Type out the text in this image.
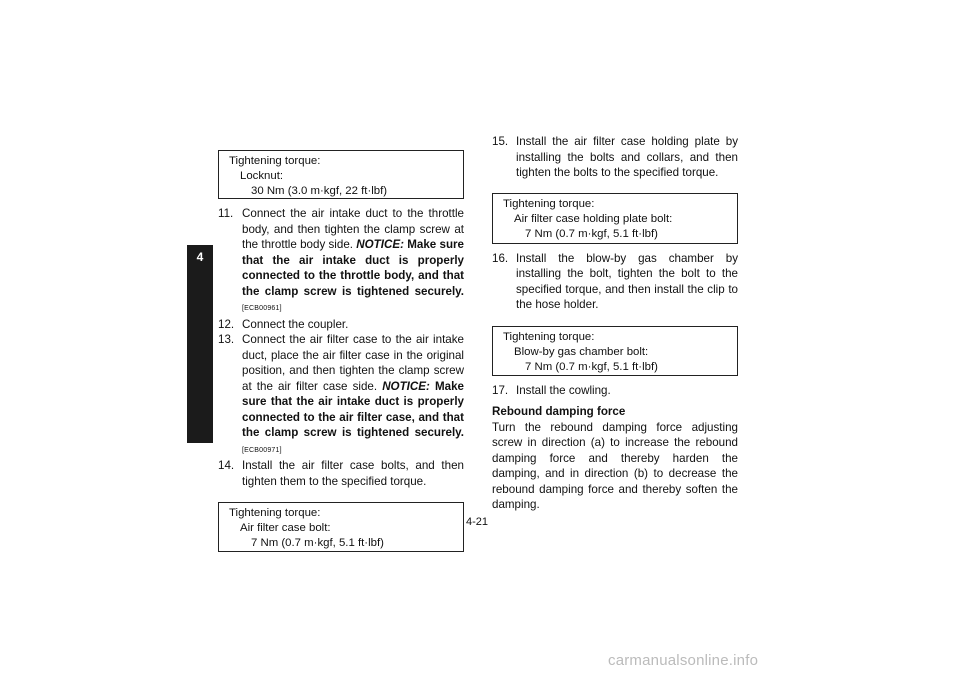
4
Tightening torque:
Locknut:
30 Nm (3.0 m·kgf, 22 ft·lbf)
11. Connect the air intake duct to the throttle body, and then tighten the clamp screw at the throttle body side. NOTICE: Make sure that the air intake duct is properly connected to the throttle body, and that the clamp screw is tightened securely. [ECB00961]
12. Connect the coupler.
13. Connect the air filter case to the air intake duct, place the air filter case in the original position, and then tighten the clamp screw at the air filter case side. NOTICE: Make sure that the air intake duct is properly connected to the air filter case, and that the clamp screw is tightened securely. [ECB00971]
14. Install the air filter case bolts, and then tighten them to the specified torque.
Tightening torque:
Air filter case bolt:
7 Nm (0.7 m·kgf, 5.1 ft·lbf)
15. Install the air filter case holding plate by installing the bolts and collars, and then tighten the bolts to the specified torque.
Tightening torque:
Air filter case holding plate bolt:
7 Nm (0.7 m·kgf, 5.1 ft·lbf)
16. Install the blow-by gas chamber by installing the bolt, tighten the bolt to the specified torque, and then install the clip to the hose holder.
Tightening torque:
Blow-by gas chamber bolt:
7 Nm (0.7 m·kgf, 5.1 ft·lbf)
17. Install the cowling.
Rebound damping force
Turn the rebound damping force adjusting screw in direction (a) to increase the rebound damping force and thereby harden the damping, and in direction (b) to decrease the rebound damping force and thereby soften the damping.
4-21
carmanualsonline.info
